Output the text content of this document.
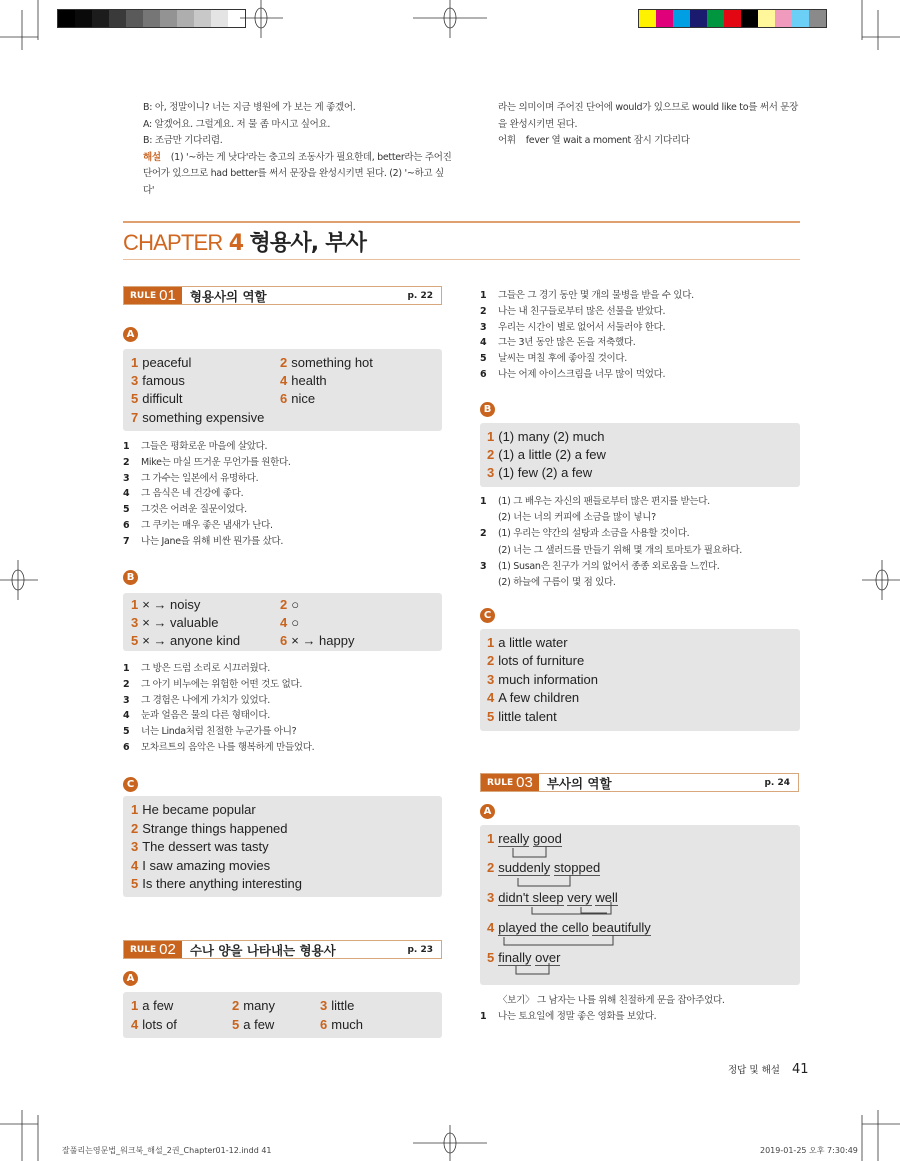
B: 아, 정말이니? 너는 지금 병원에 가 보는 게 좋겠어.
A: 알겠어요. 그럴게요. 저 물 좀 마시고 싶어요.
B: 조금만 기다리렴.
해설 (1) '~하는 게 낫다'라는 충고의 조동사가 필요한데, better라는 주어진
단어가 있으므로 had better를 써서 문장을 완성시키면 된다. (2) '~하고 싶다'
라는 의미이며 주어진 단어에 would가 있으므로 would like to를 써서 문장
을 완성시키면 된다.
어휘 fever 열 wait a moment 잠시 기다리다
CHAPTER 4 형용사, 부사
RULE 01 형용사의 역할	p. 22
A
1 peaceful	2 something hot
3 famous	4 health
5 difficult	6 nice
7 something expensive
1	그들은 평화로운 마을에 살았다.
2	Mike는 마실 뜨거운 무언가를 원한다.
3	그 가수는 일본에서 유명하다.
4	그 음식은 네 건강에 좋다.
5	그것은 어려운 질문이었다.
6	그 쿠키는 매우 좋은 냄새가 난다.
7	나는 Jane을 위해 비싼 뭔가를 샀다.
B
1 × → noisy	2 ○
3 × → valuable	4 ○
5 × → anyone kind	6 × → happy
1	그 방은 드럼 소리로 시끄러웠다.
2	그 아기 비누에는 위험한 어떤 것도 없다.
3	그 경험은 나에게 가치가 있었다.
4	눈과 얼음은 물의 다른 형태이다.
5	너는 Linda처럼 친절한 누군가를 아니?
6	모차르트의 음악은 나를 행복하게 만들었다.
C
1 He became popular
2 Strange things happened
3 The dessert was tasty
4 I saw amazing movies
5 Is there anything interesting
RULE 02 수나 양을 나타내는 형용사	p. 23
A
1 a few	2 many	3 little
4 lots of	5 a few	6 much
1	그들은 그 경기 동안 몇 개의 물병을 받을 수 있다.
2	나는 내 친구들로부터 많은 선물을 받았다.
3	우리는 시간이 별로 없어서 서둘러야 한다.
4	그는 3년 동안 많은 돈을 저축했다.
5	날씨는 며칠 후에 좋아질 것이다.
6	나는 어제 아이스크림을 너무 많이 먹었다.
B
1 (1) many (2) much
2 (1) a little (2) a few
3 (1) few (2) a few
1	(1) 그 배우는 자신의 팬들로부터 많은 편지를 받는다.
(2) 너는 너의 커피에 소금을 많이 넣니?
2	(1) 우리는 약간의 설탕과 소금을 사용할 것이다.
(2) 너는 그 샐러드를 만들기 위해 몇 개의 토마토가 필요하다.
3	(1) Susan은 친구가 거의 없어서 종종 외로움을 느낀다.
(2) 하늘에 구름이 몇 점 있다.
C
1 a little water
2 lots of furniture
3 much information
4 A few children
5 little talent
RULE 03 부사의 역할	p. 24
A
1 really good
2 suddenly stopped
3 didn't sleep very well
4 played the cello beautifully
5 finally over
〈보기〉 그 남자는 나를 위해 친절하게 문을 잡아주었다.
1	나는 토요일에 정말 좋은 영화를 보았다.
정답 및 해설 41
잘풀리는영문법_워크북_해설_2권_Chapter01-12.indd 41	2019-01-25 오후 7:30:49
